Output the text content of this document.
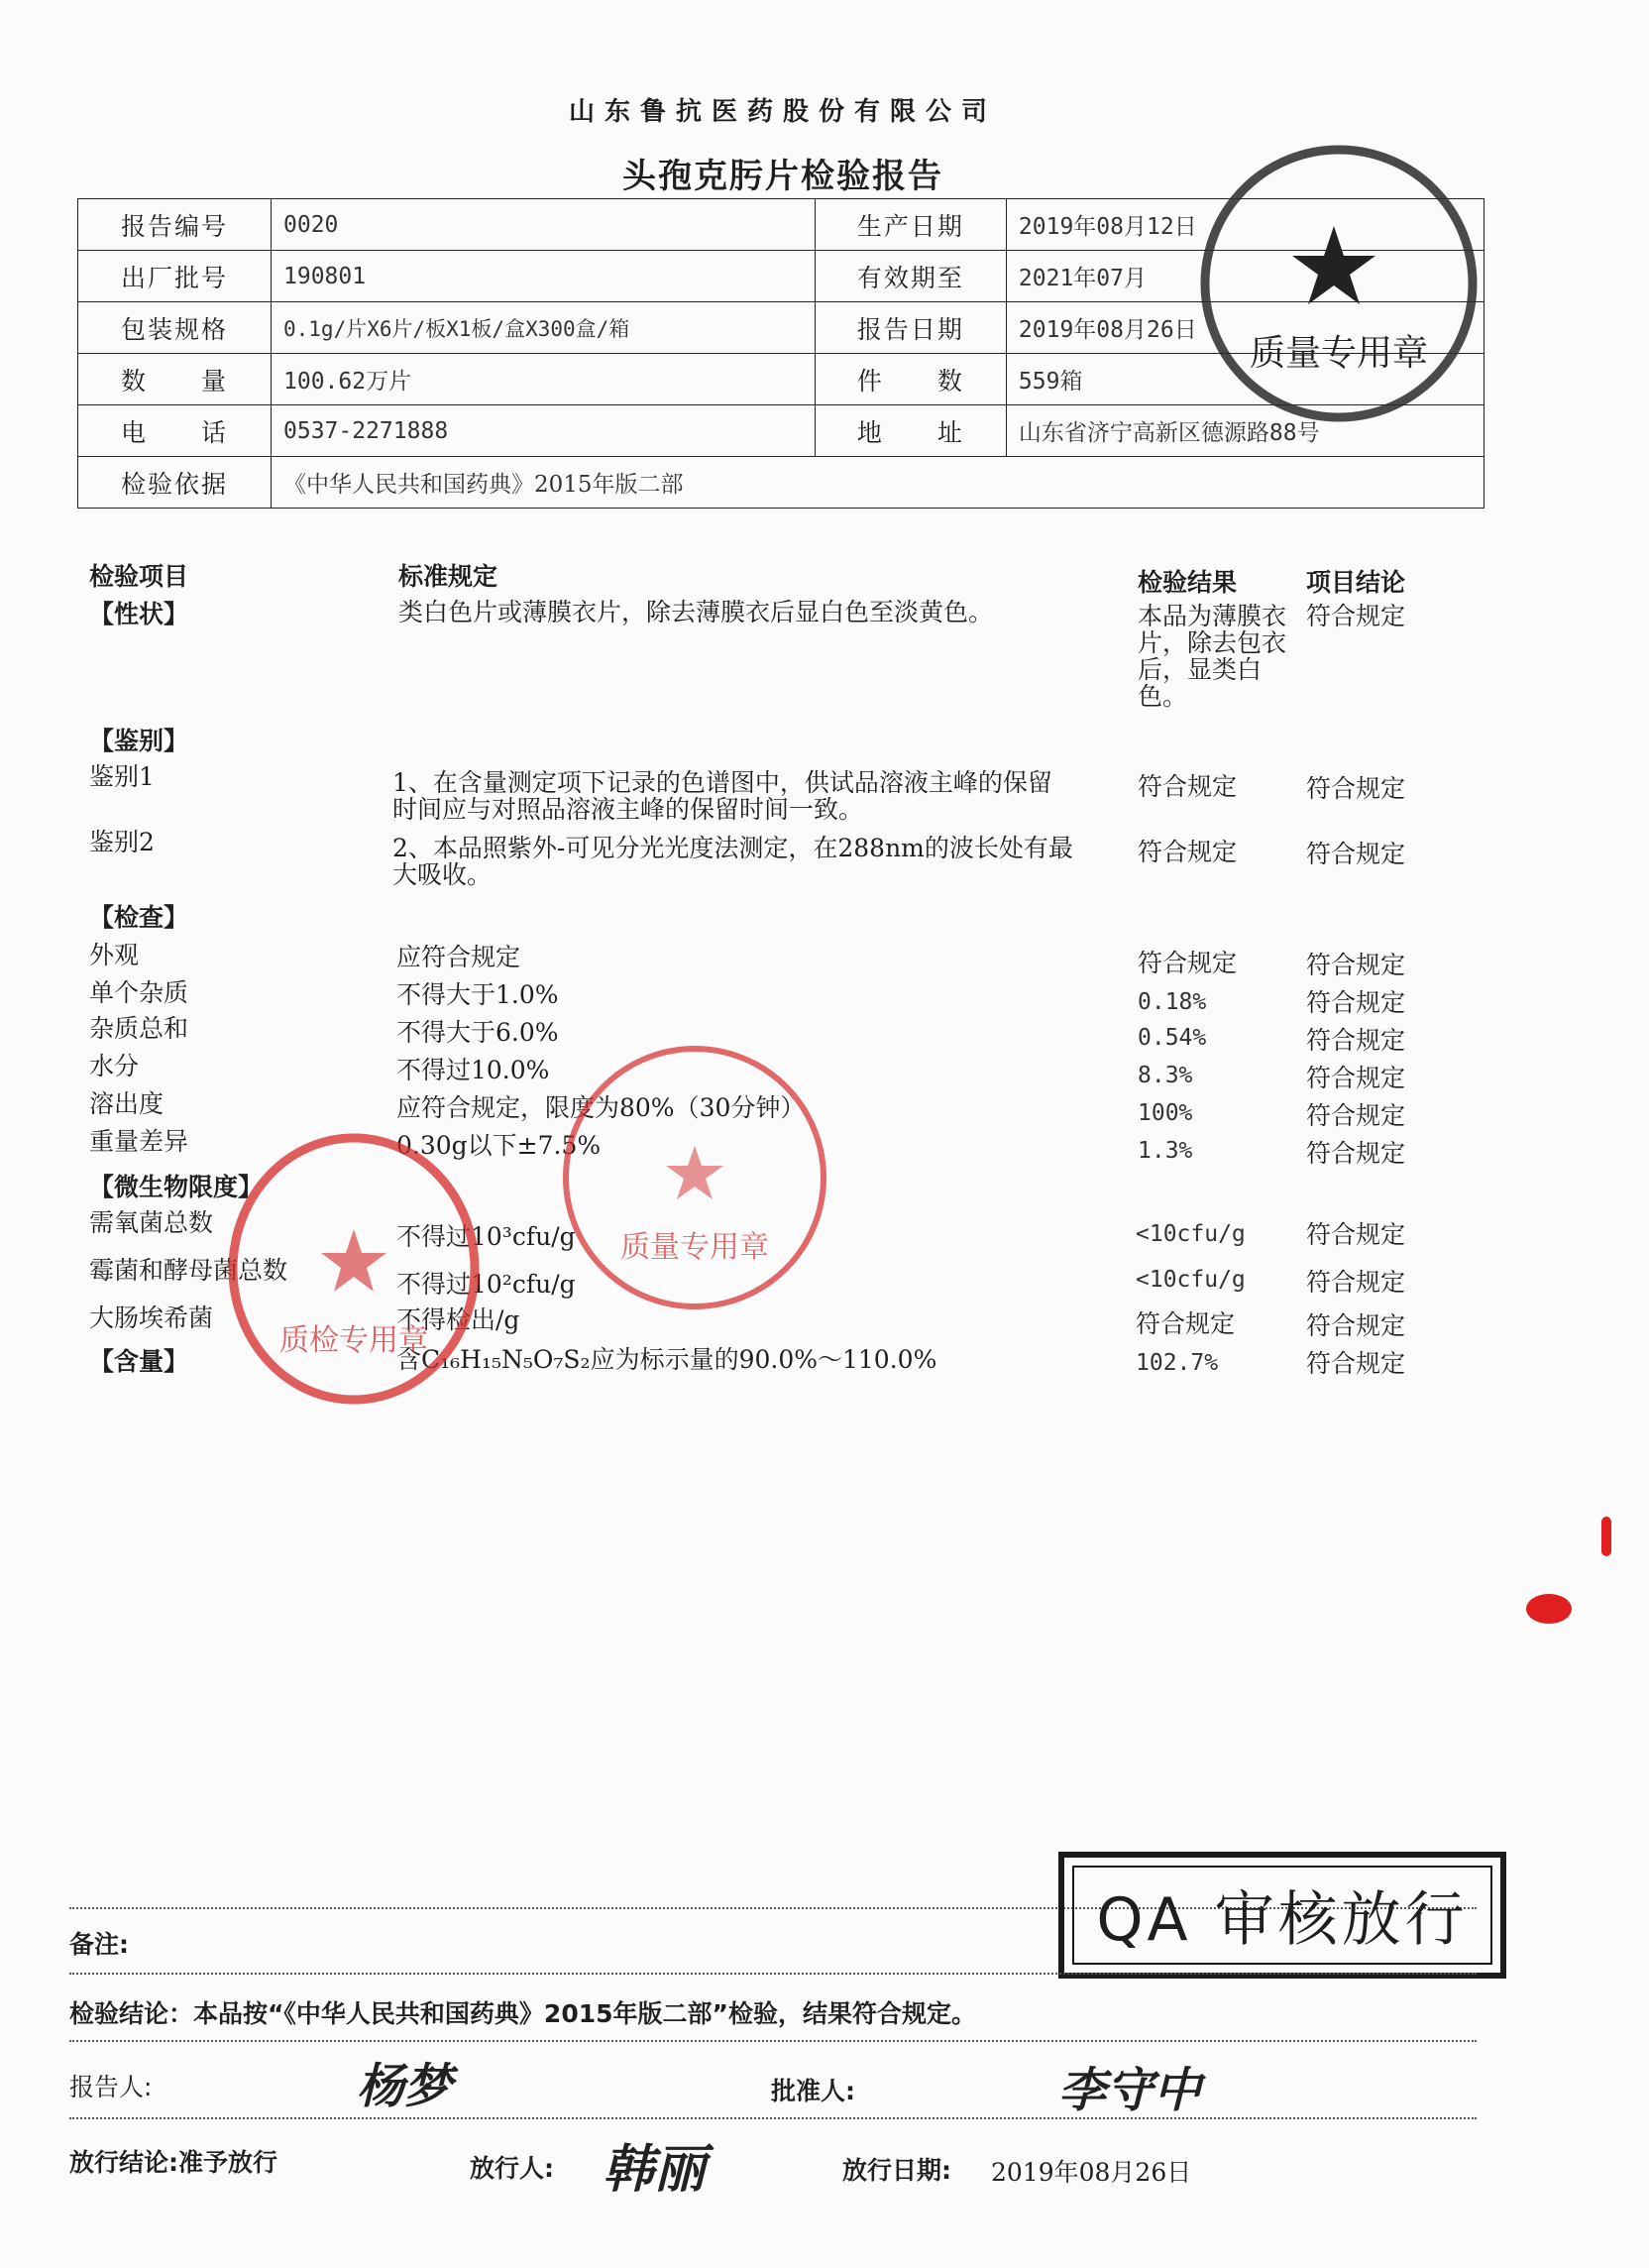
山东鲁抗医药股份有限公司
头孢克肟片检验报告
报告编号	0020	生产日期	2019年08月12日
出厂批号	190801	有效期至	2021年07月
包装规格	0.1g/片X6片/板X1板/盒X300盒/箱	报告日期	2019年08月26日
数　　量	100.62万片	件　　数	559箱
电　　话	0537-2271888	地　　址	山东省济宁高新区德源路88号
检验依据	《中华人民共和国药典》2015年版二部		
检验项目	标准规定	检验结果	项目结论
【性状】	类白色片或薄膜衣片，除去薄膜衣后显白色至淡黄色。	本品为薄膜衣片，除去包衣后，显类白色。
符合规定
【鉴别】
鉴别1	1、在含量测定项下记录的色谱图中，供试品溶液主峰的保留时间应与对照品溶液主峰的保留时间一致。
符合规定	符合规定
鉴别2	2、本品照紫外-可见分光光度法测定，在288nm的波长处有最大吸收。
符合规定	符合规定
【检查】
外观	应符合规定	符合规定	符合规定
单个杂质	不得大于1.0%	0.18%	符合规定
杂质总和	不得大于6.0%	0.54%	符合规定
水分	不得过10.0%	8.3%	符合规定
溶出度	应符合规定，限度为80%（30分钟）	100%	符合规定
重量差异	0.30g以下±7.5%	1.3%	符合规定
【微生物限度】
需氧菌总数	不得过10³cfu/g	<10cfu/g 符合规定
霉菌和酵母菌总数	不得过10²cfu/g	<10cfu/g 符合规定
大肠埃希菌	不得检出/g	符合规定	符合规定
【含量】	含C₁₆H₁₅N₅O₇S₂应为标示量的90.0%～110.0%	102.7%	符合规定
质量专用章
质检专用章
质量专用章
备注:	QA 审核放行
检验结论：本品按“《中华人民共和国药典》2015年版二部”检验，结果符合规定。
报告人:	杨梦	批准人:	李守中
放行结论:准予放行	放行人: 韩丽	放行日期: 2019年08月26日
